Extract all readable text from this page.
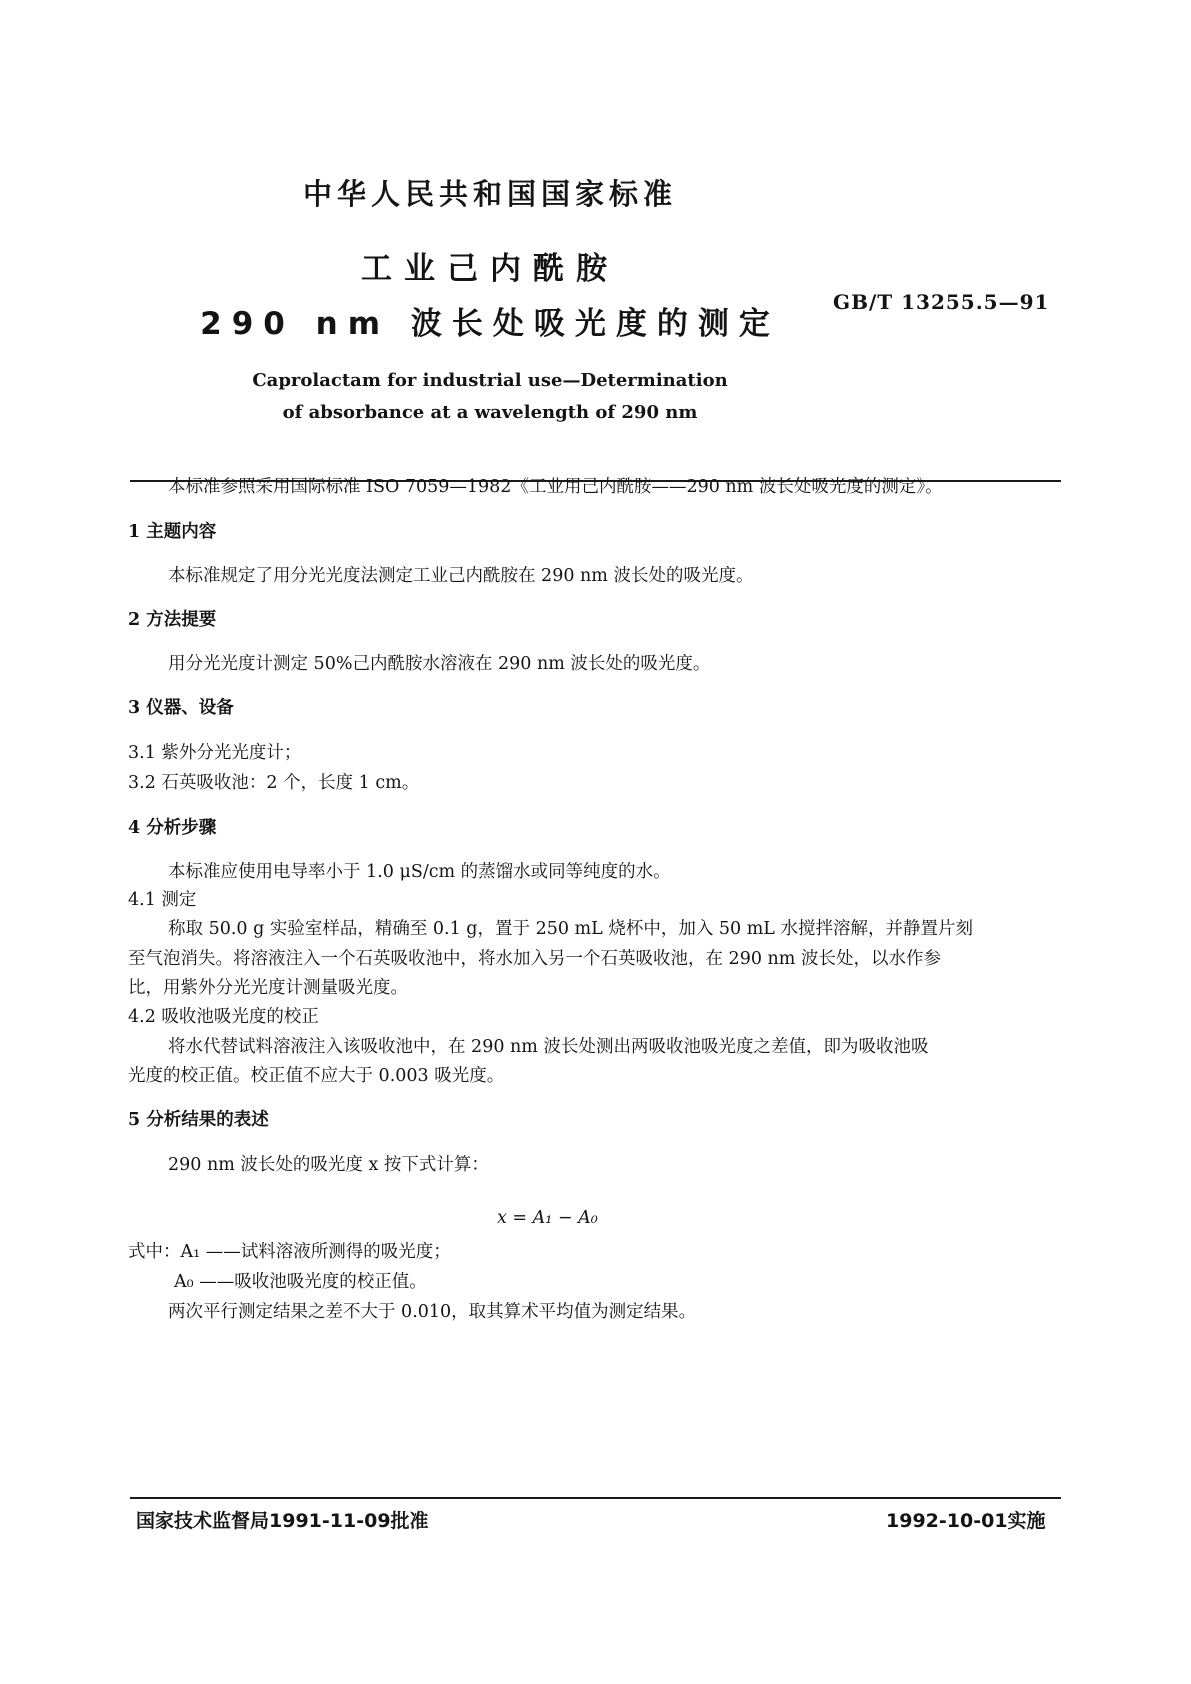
中华人民共和国国家标准
工业己内酰胺
290 nm 波长处吸光度的测定
GB/T 13255.5—91
Caprolactam for industrial use—Determination
of absorbance at a wavelength of 290 nm
本标准参照采用国际标准 ISO 7059—1982《工业用己内酰胺——290 nm 波长处吸光度的测定》。
1 主题内容
本标准规定了用分光光度法测定工业己内酰胺在 290 nm 波长处的吸光度。
2 方法提要
用分光光度计测定 50%己内酰胺水溶液在 290 nm 波长处的吸光度。
3 仪器、设备
3.1 紫外分光光度计；
3.2 石英吸收池：2 个，长度 1 cm。
4 分析步骤
本标准应使用电导率小于 1.0 μS/cm 的蒸馏水或同等纯度的水。
4.1 测定
称取 50.0 g 实验室样品，精确至 0.1 g，置于 250 mL 烧杯中，加入 50 mL 水搅拌溶解，并静置片刻
至气泡消失。将溶液注入一个石英吸收池中，将水加入另一个石英吸收池，在 290 nm 波长处，以水作参
比，用紫外分光光度计测量吸光度。
4.2 吸收池吸光度的校正
将水代替试料溶液注入该吸收池中，在 290 nm 波长处测出两吸收池吸光度之差值，即为吸收池吸
光度的校正值。校正值不应大于 0.003 吸光度。
5 分析结果的表述
290 nm 波长处的吸光度 x 按下式计算：
x = A₁ − A₀
式中：A₁ ——试料溶液所测得的吸光度；
A₀ ——吸收池吸光度的校正值。
两次平行测定结果之差不大于 0.010，取其算术平均值为测定结果。
国家技术监督局1991-11-09批准	1992-10-01实施
